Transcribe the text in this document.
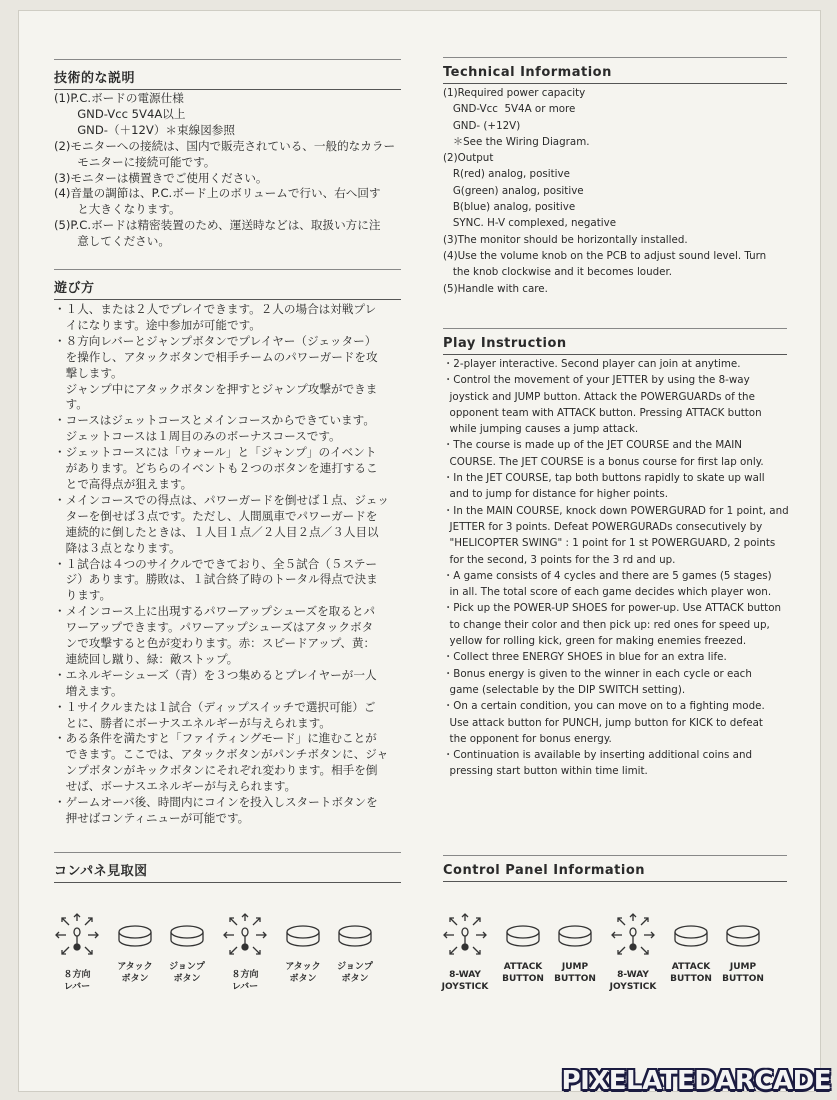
技術的な説明
(1)P.C.ボードの電源仕様
　　GND-Vcc 5V4A以上
　　GND-（＋12V）＊束線図参照
(2)モニターへの接続は、国内で販売されている、一般的なカラー
　　モニターに接続可能です。
(3)モニターは横置きでご使用ください。
(4)音量の調節は、P.C.ボード上のボリュームで行い、右へ回す
　　と大きくなります。
(5)P.C.ボードは精密装置のため、運送時などは、取扱い方に注
　　意してください。
遊び方
・１人、または２人でプレイできます。２人の場合は対戦プレ
　イになります。途中参加が可能です。
・８方向レバーとジャンプボタンでプレイヤー（ジェッター）
　を操作し、アタックボタンで相手チームのパワーガードを攻
　撃します。
　ジャンプ中にアタックボタンを押すとジャンプ攻撃ができま
　す。
・コースはジェットコースとメインコースからできています。
　ジェットコースは１周目のみのボーナスコースです。
・ジェットコースには「ウォール」と「ジャンプ」のイベント
　があります。どちらのイベントも２つのボタンを連打するこ
　とで高得点が狙えます。
・メインコースでの得点は、パワーガードを倒せば１点、ジェッ
　ターを倒せば３点です。ただし、人間風車でパワーガードを
　連続的に倒したときは、１人目１点／２人目２点／３人目以
　降は３点となります。
・１試合は４つのサイクルでできており、全５試合（５ステー
　ジ）あります。勝敗は、１試合終了時のトータル得点で決ま
　ります。
・メインコース上に出現するパワーアップシューズを取るとパ
　ワーアップできます。パワーアップシューズはアタックボタ
　ンで攻撃すると色が変わります。赤：スピードアップ、黄：
　連続回し蹴り、緑：敵ストップ。
・エネルギーシューズ（青）を３つ集めるとプレイヤーが一人
　増えます。
・１サイクルまたは１試合（ディップスイッチで選択可能）ご
　とに、勝者にボーナスエネルギーが与えられます。
・ある条件を満たすと「ファイティングモード」に進むことが
　できます。ここでは、アタックボタンがパンチボタンに、ジャ
　ンプボタンがキックボタンにそれぞれ変わります。相手を倒
　せば、ボーナスエネルギーが与えられます。
・ゲームオーバ後、時間内にコインを投入しスタートボタンを
　押せばコンティニューが可能です。
コンパネ見取図
Technical Information
(1)Required power capacity
GND-Vcc  5V4A or more
GND- (+12V)
＊See the Wiring Diagram.
(2)Output
R(red) analog, positive
G(green) analog, positive
B(blue) analog, positive
SYNC. H-V complexed, negative
(3)The monitor should be horizontally installed.
(4)Use the volume knob on the PCB to adjust sound level. Turn
the knob clockwise and it becomes louder.
(5)Handle with care.
Play Instruction
・2-player interactive. Second player can join at anytime.
・Control the movement of your JETTER by using the 8-way
joystick and JUMP button. Attack the POWERGUARDs of the
opponent team with ATTACK button. Pressing ATTACK button
while jumping causes a jump attack.
・The course is made up of the JET COURSE and the MAIN
COURSE. The JET COURSE is a bonus course for first lap only.
・In the JET COURSE, tap both buttons rapidly to skate up wall
and to jump for distance for higher points.
・In the MAIN COURSE, knock down POWERGURAD for 1 point, and
JETTER for 3 points. Defeat POWERGURADs consecutively by
"HELICOPTER SWING" : 1 point for 1 st POWERGUARD, 2 points
for the second, 3 points for the 3 rd and up.
・A game consists of 4 cycles and there are 5 games (5 stages)
in all. The total score of each game decides which player won.
・Pick up the POWER-UP SHOES for power-up. Use ATTACK button
to change their color and then pick up: red ones for speed up,
yellow for rolling kick, green for making enemies freezed.
・Collect three ENERGY SHOES in blue for an extra life.
・Bonus energy is given to the winner in each cycle or each
game (selectable by the DIP SWITCH setting).
・On a certain condition, you can move on to a fighting mode.
Use attack button for PUNCH, jump button for KICK to defeat
the opponent for bonus energy.
・Continuation is available by inserting additional coins and
pressing start button within time limit.
Control Panel Information
８方向
レバー
アタック
ボタン
ジョンプ
ボタン	８方向
レバー
アタック
ボタン
ジョンプ
ボタン	8-WAY
JOYSTICK
ATTACK
BUTTON
JUMP
BUTTON	8-WAY
JOYSTICK
ATTACK
BUTTON
JUMP
BUTTON
PIXELATEDARCADE
